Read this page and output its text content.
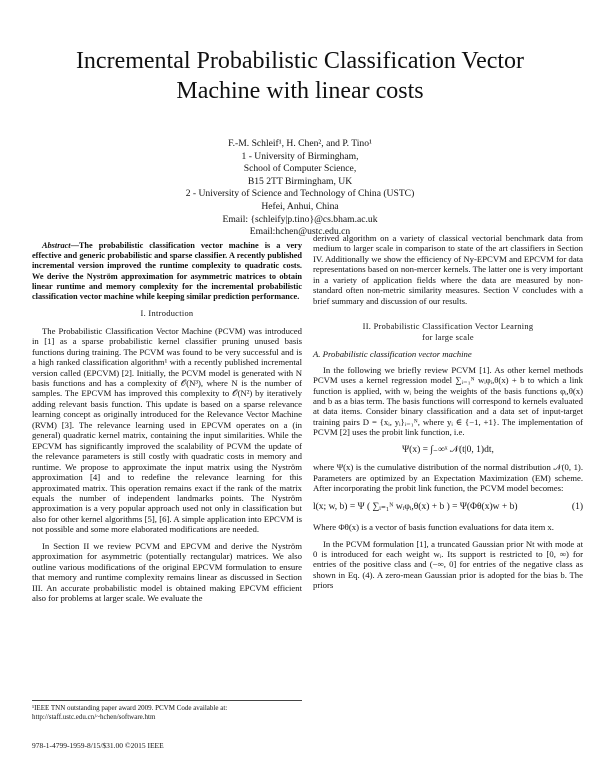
Incremental Probabilistic Classification Vector Machine with linear costs
F.-M. Schleif¹, H. Chen², and P. Tino¹
1 - University of Birmingham,
School of Computer Science,
B15 2TT Birmingham, UK
2 - University of Science and Technology of China (USTC)
Hefei, Anhui, China
Email: {schleify|p.tino}@cs.bham.ac.uk
Email:hchen@ustc.edu.cn

Abstract—The probabilistic classification vector machine is a very effective and generic probabilistic and sparse classifier. A recently published incremental version improved the runtime complexity to quadratic costs. We derive the Nyström approximation for asymmetric matrices to obtain linear runtime and memory complexity for the incremental probabilistic classification vector machine while keeping similar prediction performance.

I. Introduction

The Probabilistic Classification Vector Machine (PCVM) was introduced in [1] as a sparse probabilistic kernel classifier pruning unused basis functions during training. The PCVM was found to be very successful and is a high ranked classification algorithm¹ with a recently published incremental version called (EPCVM) [2]. Initially, the PCVM model is generated with N basis functions and has a complexity of 𝒪(N³), where N is the number of samples. The EPCVM has improved this complexity to 𝒪(N²) by iteratively adding relevant basis function. This update is based on a sparse relevance learning concept as originally introduced for the Relevance Vector Machine (RVM) [3]. The relevance learning used in EPCVM operates on a (in general) quadratic kernel matrix, containing the input similarities. While the EPCVM has significantly improved the scalability of PCVM the update of the relevance parameters is still costly with quadratic costs in memory and runtime. We propose to approximate the input matrix using the Nyström approximation [4] and to redefine the relevance learning for this approximated matrix. This operation remains exact if the rank of the matrix equals the number of independent landmarks points. The Nyström approximation is a very popular approach used not only in classification but also for other kernel algorithms [5], [6]. A simple application into EPCVM is not possible and some more elaborated modifications are needed.

In Section II we review PCVM and EPCVM and derive the Nyström approximation for asymmetric (potentially rectangular) matrices. We also outline various modifications of the original EPCVM formulation to ensure that memory and runtime complexity remains linear as discussed in Section III. An accurate probabilistic model is obtained making EPCVM efficient also for problems at larger scale. We evaluate the

derived algorithm on a variety of classical vectorial benchmark data from medium to larger scale in comparison to state of the art classifiers in Section IV. Additionally we show the efficiency of Ny-EPCVM and EPCVM for data representations based on non-mercer kernels. The latter one is very important in a variety of application fields where the data are measured by non-standard often non-metric similarity measures. Section V concludes with a brief summary and discussion of our results.

II. Probabilistic Classification Vector Learning
for large scale
A. Probabilistic classification vector machine

In the following we briefly review PCVM [1]. As other kernel methods PCVM uses a kernel regression model ∑ᵢ₌₁ᴺ wᵢφᵢ,θ(x) + b to which a link function is applied, with wᵢ being the weights of the basis functions φᵢ,θ(x) and b as a bias term. The basis functions will correspond to kernels evaluated at data items. Consider binary classification and a data set of input-target training pairs D = {xᵢ, yᵢ}ᵢ₌₁ᴺ, where yᵢ ∈ {−1, +1}. The implementation of PCVM [2] uses the probit link function, i.e.

Ψ(x) = ∫₋∞ˣ 𝒩(t|0, 1)dt,

where Ψ(x) is the cumulative distribution of the normal distribution 𝒩(0, 1). Parameters are optimized by an Expectation Maximization (EM) scheme. After incorporating the probit link function, the PCVM model becomes:

l(x; w, b) = Ψ ( ∑ᵢ₌₁ᴺ wᵢφᵢ,θ(x) + b ) = Ψ(Φθ(x)w + b)	(1)

Where Φθ(x) is a vector of basis function evaluations for data item x.

In the PCVM formulation [1], a truncated Gaussian prior Nt with mode at 0 is introduced for each weight wᵢ. Its support is restricted to [0, ∞) for entries of the positive class and (−∞, 0] for entries of the negative class as shown in Eq. (4). A zero-mean Gaussian prior is adopted for the bias b. The priors

¹IEEE TNN outstanding paper award 2009. PCVM Code available at: http://staff.ustc.edu.cn/~hchen/software.htm
978-1-4799-1959-8/15/$31.00 ©2015 IEEE
